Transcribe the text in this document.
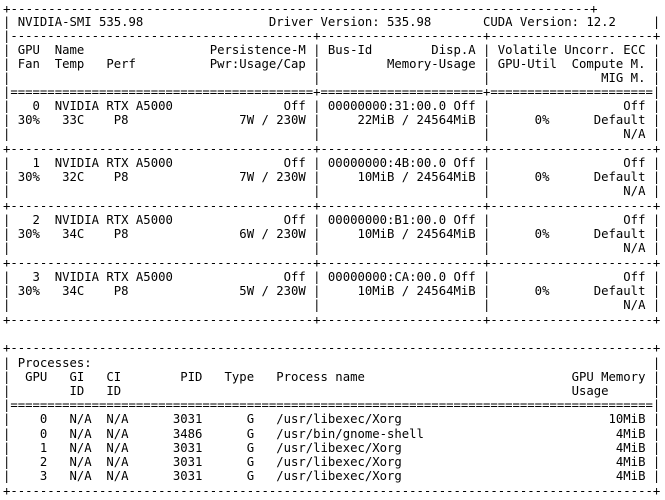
+-----------------------------------------------------------------------------+
| NVIDIA-SMI 535.98                 Driver Version: 535.98       CUDA Version: 12.2     |
|-----------------------------------------+----------------------+----------------------+
| GPU  Name                 Persistence-M | Bus-Id        Disp.A | Volatile Uncorr. ECC |
| Fan  Temp   Perf          Pwr:Usage/Cap |         Memory-Usage | GPU-Util  Compute M. |
|                                         |                      |               MIG M. |
|=========================================+======================+======================|
|   0  NVIDIA RTX A5000               Off | 00000000:31:00.0 Off |                  Off |
| 30%   33C    P8               7W / 230W |     22MiB / 24564MiB |      0%      Default |
|                                         |                      |                  N/A |
+-----------------------------------------+----------------------+----------------------+
|   1  NVIDIA RTX A5000               Off | 00000000:4B:00.0 Off |                  Off |
| 30%   32C    P8               7W / 230W |     10MiB / 24564MiB |      0%      Default |
|                                         |                      |                  N/A |
+-----------------------------------------+----------------------+----------------------+
|   2  NVIDIA RTX A5000               Off | 00000000:B1:00.0 Off |                  Off |
| 30%   34C    P8               6W / 230W |     10MiB / 24564MiB |      0%      Default |
|                                         |                      |                  N/A |
+-----------------------------------------+----------------------+----------------------+
|   3  NVIDIA RTX A5000               Off | 00000000:CA:00.0 Off |                  Off |
| 30%   34C    P8               5W / 230W |     10MiB / 24564MiB |      0%      Default |
|                                         |                      |                  N/A |
+-----------------------------------------+----------------------+----------------------+
+---------------------------------------------------------------------------------------+
| Processes:                                                                            |
|  GPU   GI   CI        PID   Type   Process name                            GPU Memory |
|        ID   ID                                                             Usage      |
|=======================================================================================|
|    0   N/A  N/A      3031      G   /usr/libexec/Xorg                            10MiB |
|    0   N/A  N/A      3486      G   /usr/bin/gnome-shell                          4MiB |
|    1   N/A  N/A      3031      G   /usr/libexec/Xorg                             4MiB |
|    2   N/A  N/A      3031      G   /usr/libexec/Xorg                             4MiB |
|    3   N/A  N/A      3031      G   /usr/libexec/Xorg                             4MiB |
+---------------------------------------------------------------------------------------+
